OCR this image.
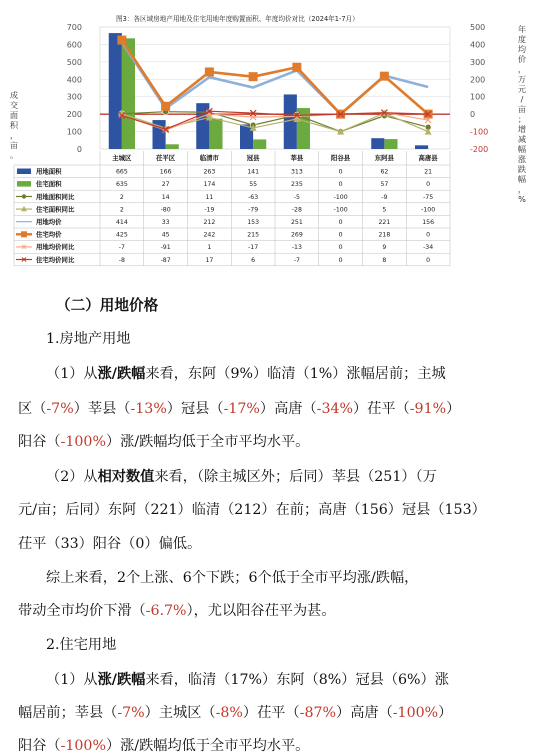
0
100
200
300
400
500
600
700
-200
-100
0
100
200
300
400
500
图3：各区域房地产用地及住宅用地年度购置面积、年度均价对比（2024年1-7月）
成
交
面
积
，
亩
。
年
度
均
价
，
万
元
/
亩
；
增
减
幅
涨
跌
幅
，
%
主城区	茌平区	临清市	冠县	莘县	阳谷县	东阿县	高唐县
用地面积	665	166	263	141	313	0	62	21
住宅面积	635	27	174	55	235	0	57	0
用地面积同比	2	14	11	-63	-5	-100	-9	-75
住宅面积同比	2	-80	-19	-79	-28	-100	5	-100
用地均价	414	33	212	153	251	0	221	156
住宅均价	425	45	242	215	269	0	218	0
用地均价同比	-7	-91	1	-17	-13	0	9	-34
住宅均价同比	-8	-87	17	6	-7	0	8	0
（二）用地价格
1.房地产用地
（1）从涨/跌幅来看，东阿（9%）临清（1%）涨幅居前；主城
区（-7%）莘县（-13%）冠县（-17%）高唐（-34%）茌平（-91%）
阳谷（-100%）涨/跌幅均低于全市平均水平。
（2）从相对数值来看，（除主城区外；后同）莘县（251）（万
元/亩；后同）东阿（221）临清（212）在前；高唐（156）冠县（153）
茌平（33）阳谷（0）偏低。
综上来看，2个上涨、6个下跌；6个低于全市平均涨/跌幅，
带动全市均价下滑（-6.7%），尤以阳谷茌平为甚。
2.住宅用地
（1）从涨/跌幅来看，临清（17%）东阿（8%）冠县（6%）涨
幅居前；莘县（-7%）主城区（-8%）茌平（-87%）高唐（-100%）
阳谷（-100%）涨/跌幅均低于全市平均水平。
